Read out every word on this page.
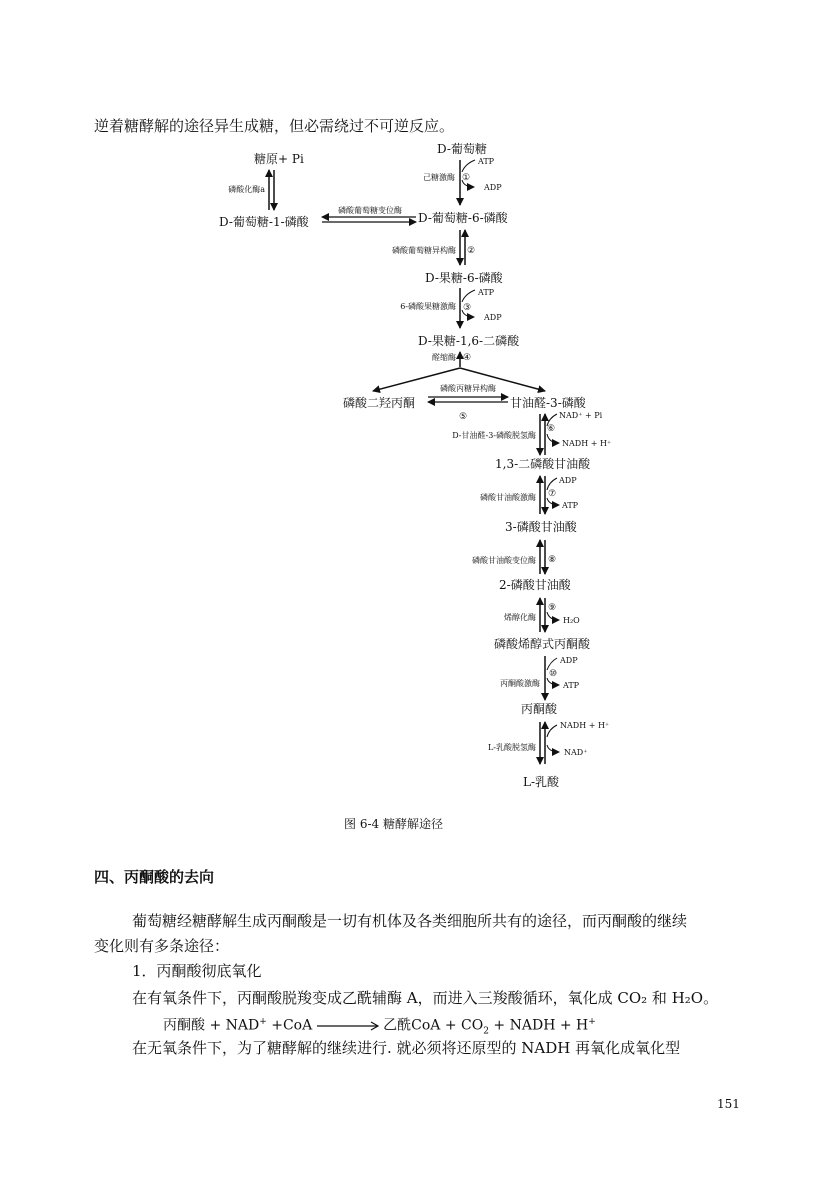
逆着糖酵解的途径异生成糖，但必需绕过不可逆反应。
糖原+ Pi
磷酸化酶a
D-葡萄糖-1-磷酸
磷酸葡萄糖变位酶
D-葡萄糖
ATP
ADP
己糖激酶 ①
D-葡萄糖-6-磷酸
磷酸葡萄糖异构酶 ②
D-果糖-6-磷酸
ATP
ADP
6-磷酸果糖激酶 ③
D-果糖-1,6-二磷酸
醛缩酶 ④
磷酸二羟丙酮	甘油醛-3-磷酸
磷酸丙糖异构酶
⑤	NAD⁺ + Pi
NADH + H⁺
D-甘油醛-3-磷酸脱氢酶
⑥
1,3-二磷酸甘油酸
ADP
ATP
磷酸甘油酸激酶 ⑦
3-磷酸甘油酸
磷酸甘油酸变位酶 ⑧
2-磷酸甘油酸
H₂O
烯醇化酶
⑨
磷酸烯醇式丙酮酸
ADP
ATP
丙酮酸激酶
⑩
丙酮酸
NADH + H⁺
NAD⁺
L-乳酸脱氢酶
L-乳酸
图 6-4 糖酵解途径
四、丙酮酸的去向
葡萄糖经糖酵解生成丙酮酸是一切有机体及各类细胞所共有的途径，而丙酮酸的继续
变化则有多条途径：
1．丙酮酸彻底氧化
在有氧条件下，丙酮酸脱羧变成乙酰辅酶 A，而进入三羧酸循环，氧化成 CO₂ 和 H₂O。
丙酮酸 + NAD+ +CoA	乙酰CoA + $CO_2$ + NADH + H+
在无氧条件下，为了糖酵解的继续进行. 就必须将还原型的 NADH 再氧化成氧化型
151
